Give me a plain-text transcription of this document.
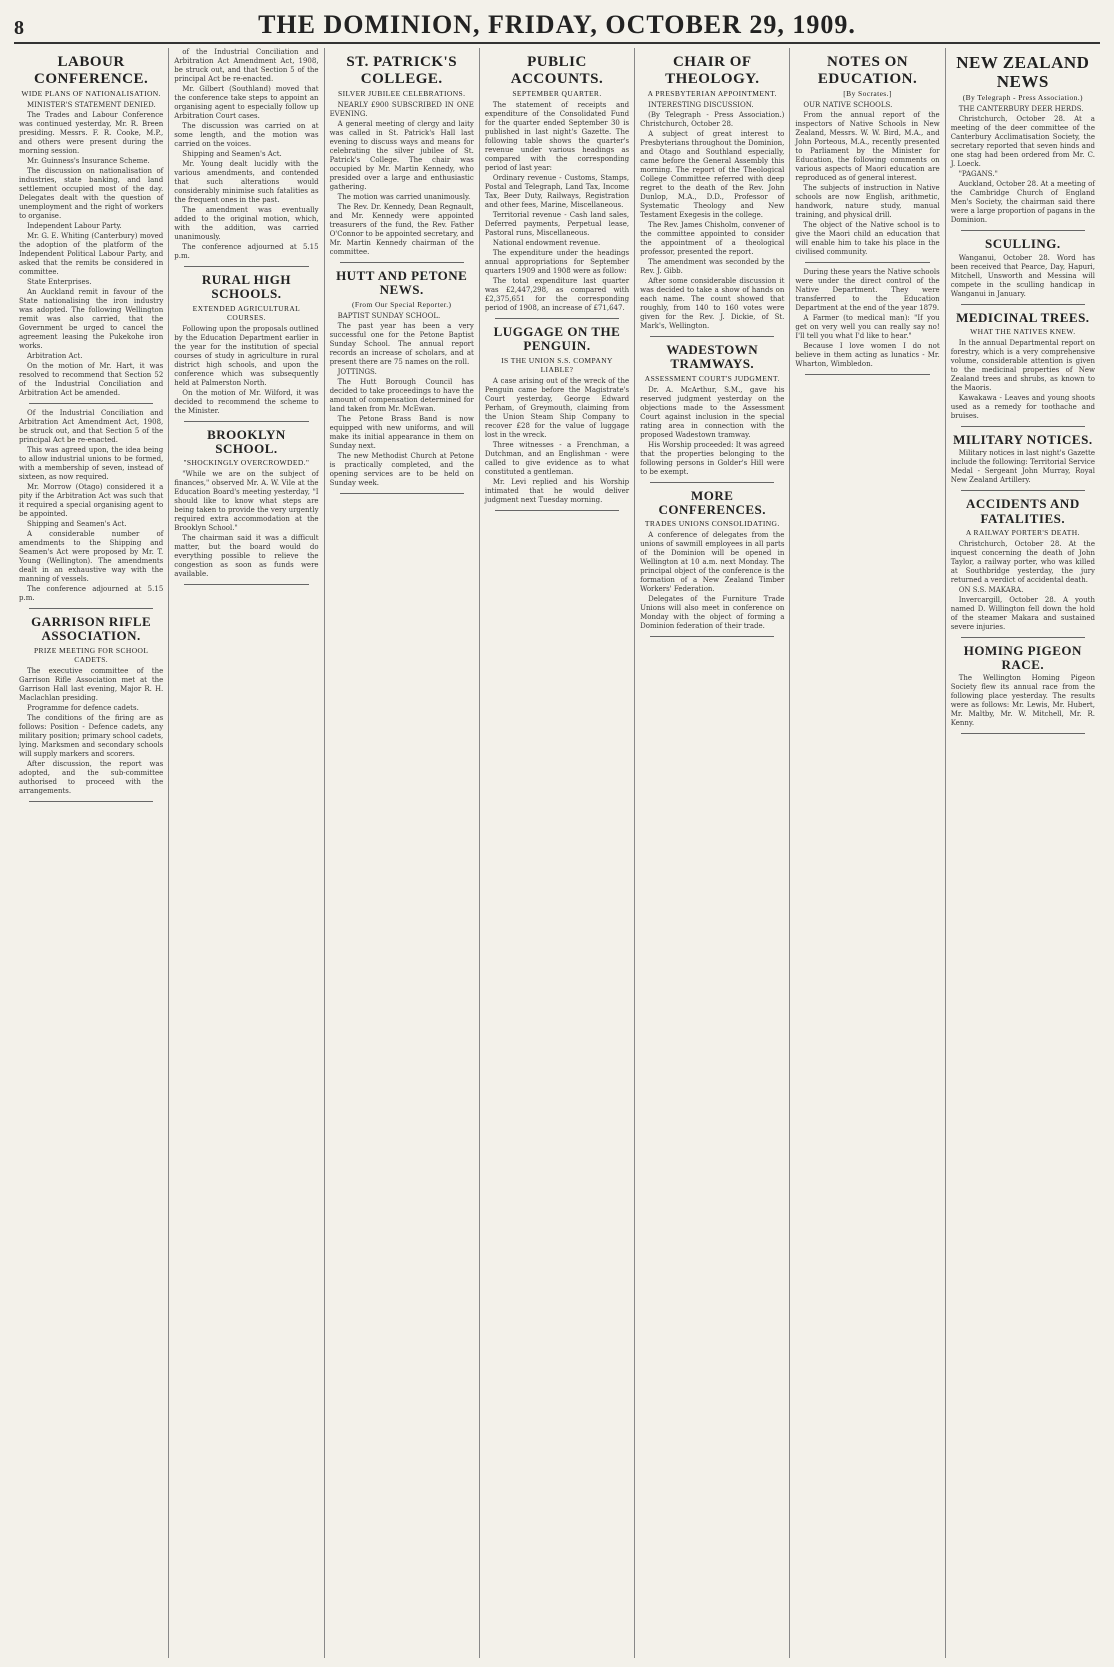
8	THE DOMINION, FRIDAY, OCTOBER 29, 1909.
LABOUR CONFERENCE.
WIDE PLANS OF NATIONALISATION.

MINISTER'S STATEMENT DENIED.

The Trades and Labour Conference was continued yesterday, Mr. R. Breen presiding. Messrs. F. R. Cooke, M.P., and others were present during the morning session.

Mr. Guinness's Insurance Scheme.

The discussion on nationalisation of industries, state banking, and land settlement occupied most of the day. Delegates dealt with the question of unemployment and the right of workers to organise.

Independent Labour Party.

Mr. G. E. Whiting (Canterbury) moved the adoption of the platform of the Independent Political Labour Party, and asked that the remits be considered in committee.

State Enterprises.

An Auckland remit in favour of the State nationalising the iron industry was adopted. The following Wellington remit was also carried, that the Government be urged to cancel the agreement leasing the Pukekohe iron works.

Arbitration Act.

On the motion of Mr. Hart, it was resolved to recommend that Section 52 of the Industrial Conciliation and Arbitration Act be amended.

Of the Industrial Conciliation and Arbitration Act Amendment Act, 1908, be struck out, and that Section 5 of the principal Act be re-enacted.

This was agreed upon, the idea being to allow industrial unions to be formed, with a membership of seven, instead of sixteen, as now required.

Mr. Morrow (Otago) considered it a pity if the Arbitration Act was such that it required a special organising agent to be appointed.

Shipping and Seamen's Act.

A considerable number of amendments to the Shipping and Seamen's Act were proposed by Mr. T. Young (Wellington). The amendments dealt in an exhaustive way with the manning of vessels.

The conference adjourned at 5.15 p.m.

GARRISON RIFLE ASSOCIATION.
PRIZE MEETING FOR SCHOOL CADETS.

The executive committee of the Garrison Rifle Association met at the Garrison Hall last evening, Major R. H. Maclachlan presiding.

Programme for defence cadets.

The conditions of the firing are as follows: Position - Defence cadets, any military position; primary school cadets, lying. Marksmen and secondary schools will supply markers and scorers.

After discussion, the report was adopted, and the sub-committee authorised to proceed with the arrangements.

of the Industrial Conciliation and Arbitration Act Amendment Act, 1908, be struck out, and that Section 5 of the principal Act be re-enacted.

Mr. Gilbert (Southland) moved that the conference take steps to appoint an organising agent to especially follow up Arbitration Court cases.

The discussion was carried on at some length, and the motion was carried on the voices.

Shipping and Seamen's Act.

Mr. Young dealt lucidly with the various amendments, and contended that such alterations would considerably minimise such fatalities as the frequent ones in the past.

The amendment was eventually added to the original motion, which, with the addition, was carried unanimously.

The conference adjourned at 5.15 p.m.

RURAL HIGH SCHOOLS.
EXTENDED AGRICULTURAL COURSES.

Following upon the proposals outlined by the Education Department earlier in the year for the institution of special courses of study in agriculture in rural district high schools, and upon the conference which was subsequently held at Palmerston North.

On the motion of Mr. Wilford, it was decided to recommend the scheme to the Minister.

BROOKLYN SCHOOL.
"SHOCKINGLY OVERCROWDED."

"While we are on the subject of finances," observed Mr. A. W. Vile at the Education Board's meeting yesterday, "I should like to know what steps are being taken to provide the very urgently required extra accommodation at the Brooklyn School."

The chairman said it was a difficult matter, but the board would do everything possible to relieve the congestion as soon as funds were available.

ST. PATRICK'S COLLEGE.
SILVER JUBILEE CELEBRATIONS.

NEARLY £900 SUBSCRIBED IN ONE EVENING.

A general meeting of clergy and laity was called in St. Patrick's Hall last evening to discuss ways and means for celebrating the silver jubilee of St. Patrick's College. The chair was occupied by Mr. Martin Kennedy, who presided over a large and enthusiastic gathering.

The motion was carried unanimously.

The Rev. Dr. Kennedy, Dean Regnault, and Mr. Kennedy were appointed treasurers of the fund, the Rev. Father O'Connor to be appointed secretary, and Mr. Martin Kennedy chairman of the committee.

HUTT AND PETONE NEWS.
(From Our Special Reporter.)

BAPTIST SUNDAY SCHOOL.

The past year has been a very successful one for the Petone Baptist Sunday School. The annual report records an increase of scholars, and at present there are 75 names on the roll.

JOTTINGS.

The Hutt Borough Council has decided to take proceedings to have the amount of compensation determined for land taken from Mr. McEwan.

The Petone Brass Band is now equipped with new uniforms, and will make its initial appearance in them on Sunday next.

The new Methodist Church at Petone is practically completed, and the opening services are to be held on Sunday week.

PUBLIC ACCOUNTS.
SEPTEMBER QUARTER.

The statement of receipts and expenditure of the Consolidated Fund for the quarter ended September 30 is published in last night's Gazette. The following table shows the quarter's revenue under various headings as compared with the corresponding period of last year:

Ordinary revenue - Customs, Stamps, Postal and Telegraph, Land Tax, Income Tax, Beer Duty, Railways, Registration and other fees, Marine, Miscellaneous.

Territorial revenue - Cash land sales, Deferred payments, Perpetual lease, Pastoral runs, Miscellaneous.

National endowment revenue.

The expenditure under the headings annual appropriations for September quarters 1909 and 1908 were as follow:

The total expenditure last quarter was £2,447,298, as compared with £2,375,651 for the corresponding period of 1908, an increase of £71,647.

LUGGAGE ON THE PENGUIN.
IS THE UNION S.S. COMPANY LIABLE?

A case arising out of the wreck of the Penguin came before the Magistrate's Court yesterday, George Edward Perham, of Greymouth, claiming from the Union Steam Ship Company to recover £28 for the value of luggage lost in the wreck.

Three witnesses - a Frenchman, a Dutchman, and an Englishman - were called to give evidence as to what constituted a gentleman.

Mr. Levi replied and his Worship intimated that he would deliver judgment next Tuesday morning.

CHAIR OF THEOLOGY.
A PRESBYTERIAN APPOINTMENT.

INTERESTING DISCUSSION.

(By Telegraph - Press Association.) Christchurch, October 28.

A subject of great interest to Presbyterians throughout the Dominion, and Otago and Southland especially, came before the General Assembly this morning. The report of the Theological College Committee referred with deep regret to the death of the Rev. John Dunlop, M.A., D.D., Professor of Systematic Theology and New Testament Exegesis in the college.

The Rev. James Chisholm, convener of the committee appointed to consider the appointment of a theological professor, presented the report.

The amendment was seconded by the Rev. J. Gibb.

After some considerable discussion it was decided to take a show of hands on each name. The count showed that roughly, from 140 to 160 votes were given for the Rev. J. Dickie, of St. Mark's, Wellington.

WADESTOWN TRAMWAYS.
ASSESSMENT COURT'S JUDGMENT.

Dr. A. McArthur, S.M., gave his reserved judgment yesterday on the objections made to the Assessment Court against inclusion in the special rating area in connection with the proposed Wadestown tramway.

His Worship proceeded: It was agreed that the properties belonging to the following persons in Golder's Hill were to be exempt.

MORE CONFERENCES.
TRADES UNIONS CONSOLIDATING.

A conference of delegates from the unions of sawmill employees in all parts of the Dominion will be opened in Wellington at 10 a.m. next Monday. The principal object of the conference is the formation of a New Zealand Timber Workers' Federation.

Delegates of the Furniture Trade Unions will also meet in conference on Monday with the object of forming a Dominion federation of their trade.

NOTES ON EDUCATION.
[By Socrates.]

OUR NATIVE SCHOOLS.

From the annual report of the inspectors of Native Schools in New Zealand, Messrs. W. W. Bird, M.A., and John Porteous, M.A., recently presented to Parliament by the Minister for Education, the following comments on various aspects of Maori education are reproduced as of general interest.

The subjects of instruction in Native schools are now English, arithmetic, handwork, nature study, manual training, and physical drill.

The object of the Native school is to give the Maori child an education that will enable him to take his place in the civilised community.

During these years the Native schools were under the direct control of the Native Department. They were transferred to the Education Department at the end of the year 1879.

A Farmer (to medical man): "If you get on very well you can really say no! I'll tell you what I'd like to hear."

Because I love women I do not believe in them acting as lunatics - Mr. Wharton, Wimbledon.

NEW ZEALAND NEWS
(By Telegraph - Press Association.)

THE CANTERBURY DEER HERDS.

Christchurch, October 28. At a meeting of the deer committee of the Canterbury Acclimatisation Society, the secretary reported that seven hinds and one stag had been ordered from Mr. C. J. Loeck.

"PAGANS."

Auckland, October 28. At a meeting of the Cambridge Church of England Men's Society, the chairman said there were a large proportion of pagans in the Dominion.

SCULLING.

Wanganui, October 28. Word has been received that Pearce, Day, Hapuri, Mitchell, Unsworth and Messina will compete in the sculling handicap in Wanganui in January.

MEDICINAL TREES.
WHAT THE NATIVES KNEW.

In the annual Departmental report on forestry, which is a very comprehensive volume, considerable attention is given to the medicinal properties of New Zealand trees and shrubs, as known to the Maoris.

Kawakawa - Leaves and young shoots used as a remedy for toothache and bruises.

MILITARY NOTICES.

Military notices in last night's Gazette include the following: Territorial Service Medal - Sergeant John Murray, Royal New Zealand Artillery.

ACCIDENTS AND FATALITIES.
A RAILWAY PORTER'S DEATH.

Christchurch, October 28. At the inquest concerning the death of John Taylor, a railway porter, who was killed at Southbridge yesterday, the jury returned a verdict of accidental death.

ON S.S. MAKARA.

Invercargill, October 28. A youth named D. Willington fell down the hold of the steamer Makara and sustained severe injuries.

HOMING PIGEON RACE.

The Wellington Homing Pigeon Society flew its annual race from the following place yesterday. The results were as follows: Mr. Lewis, Mr. Hubert, Mr. Maltby, Mr. W. Mitchell, Mr. R. Kenny.
